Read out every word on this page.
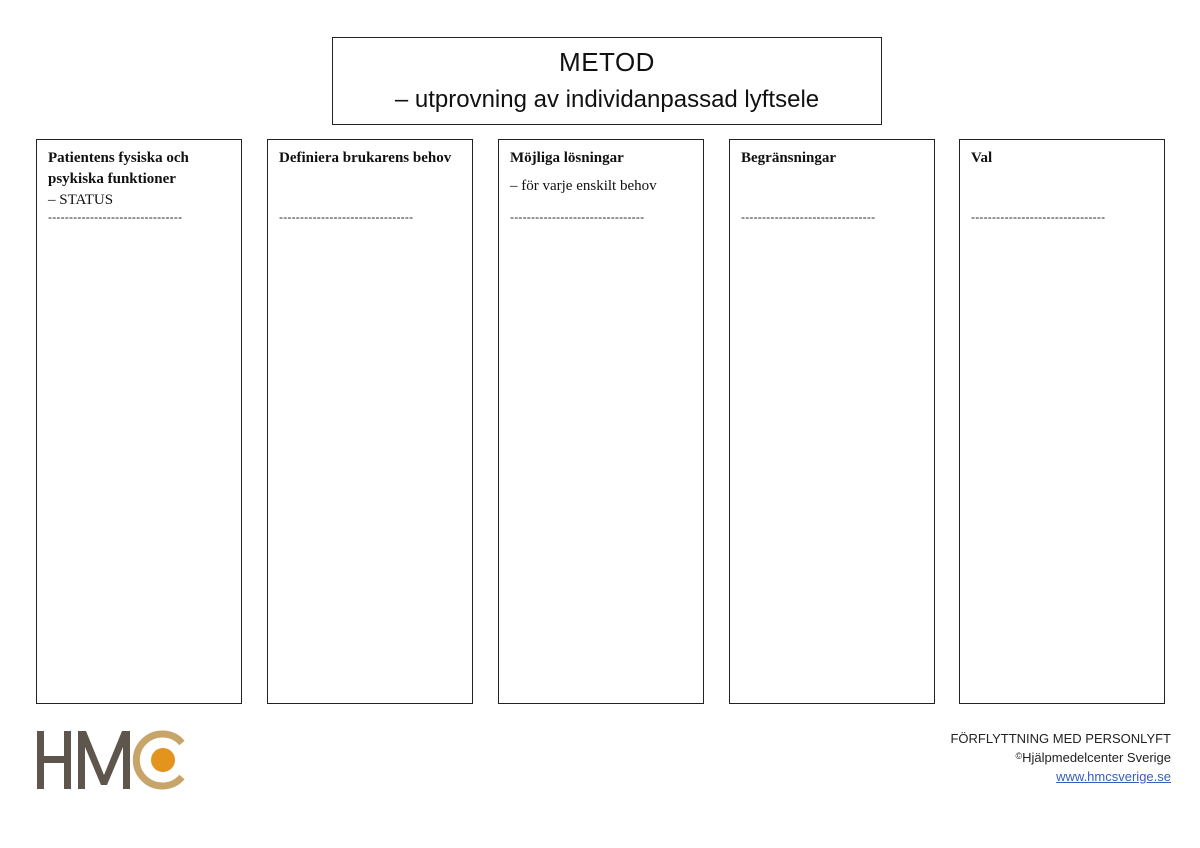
METOD
– utprovning av individanpassad lyftsele
Patientens fysiska och psykiska funktioner
– STATUS
--------------------------------
Definiera brukarens behov
--------------------------------
Möjliga lösningar
– för varje enskilt behov
--------------------------------
Begränsningar
--------------------------------
Val
--------------------------------
FÖRFLYTTNING MED PERSONLYFT
©Hjälpmedelcenter Sverige
www.hmcsverige.se
